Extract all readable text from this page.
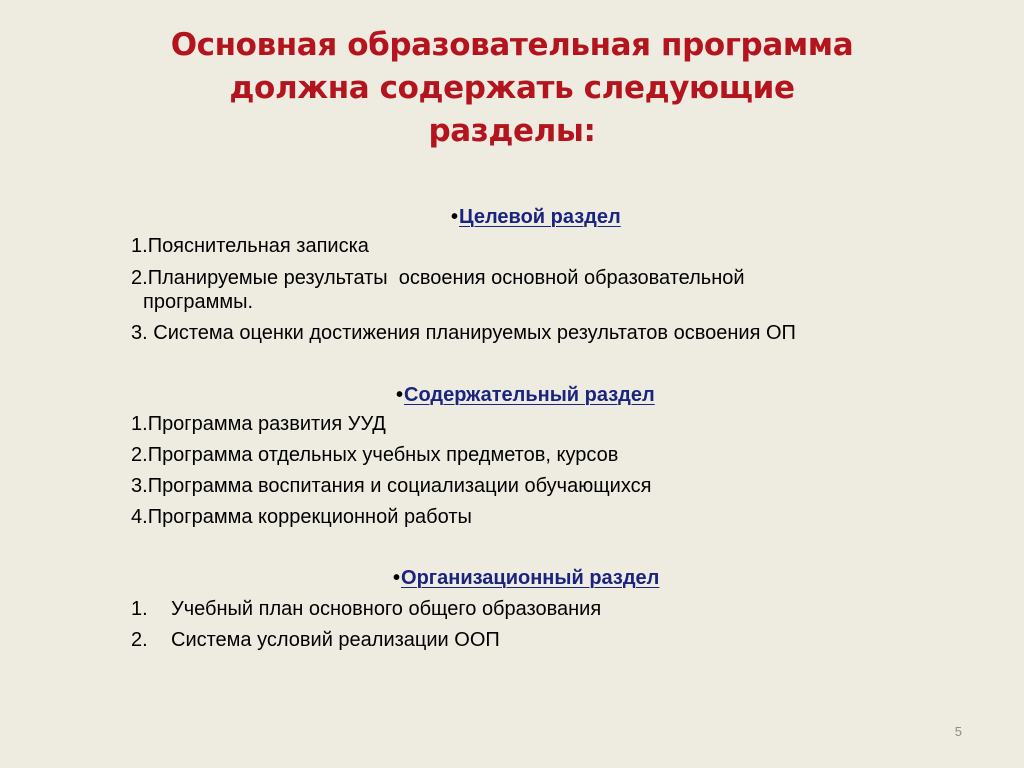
Основная образовательная программа
должна содержать следующие
разделы:
•Целевой раздел
1.Пояснительная записка
2.Планируемые результаты  освоения основной образовательной
программы.
3. Система оценки достижения планируемых результатов освоения ОП
•Содержательный раздел
1.Программа развития УУД
2.Программа отдельных учебных предметов, курсов
3.Программа воспитания и социализации обучающихся
4.Программа коррекционной работы
•Организационный раздел
1. Учебный план основного общего образования
2. Система условий реализации ООП
5
